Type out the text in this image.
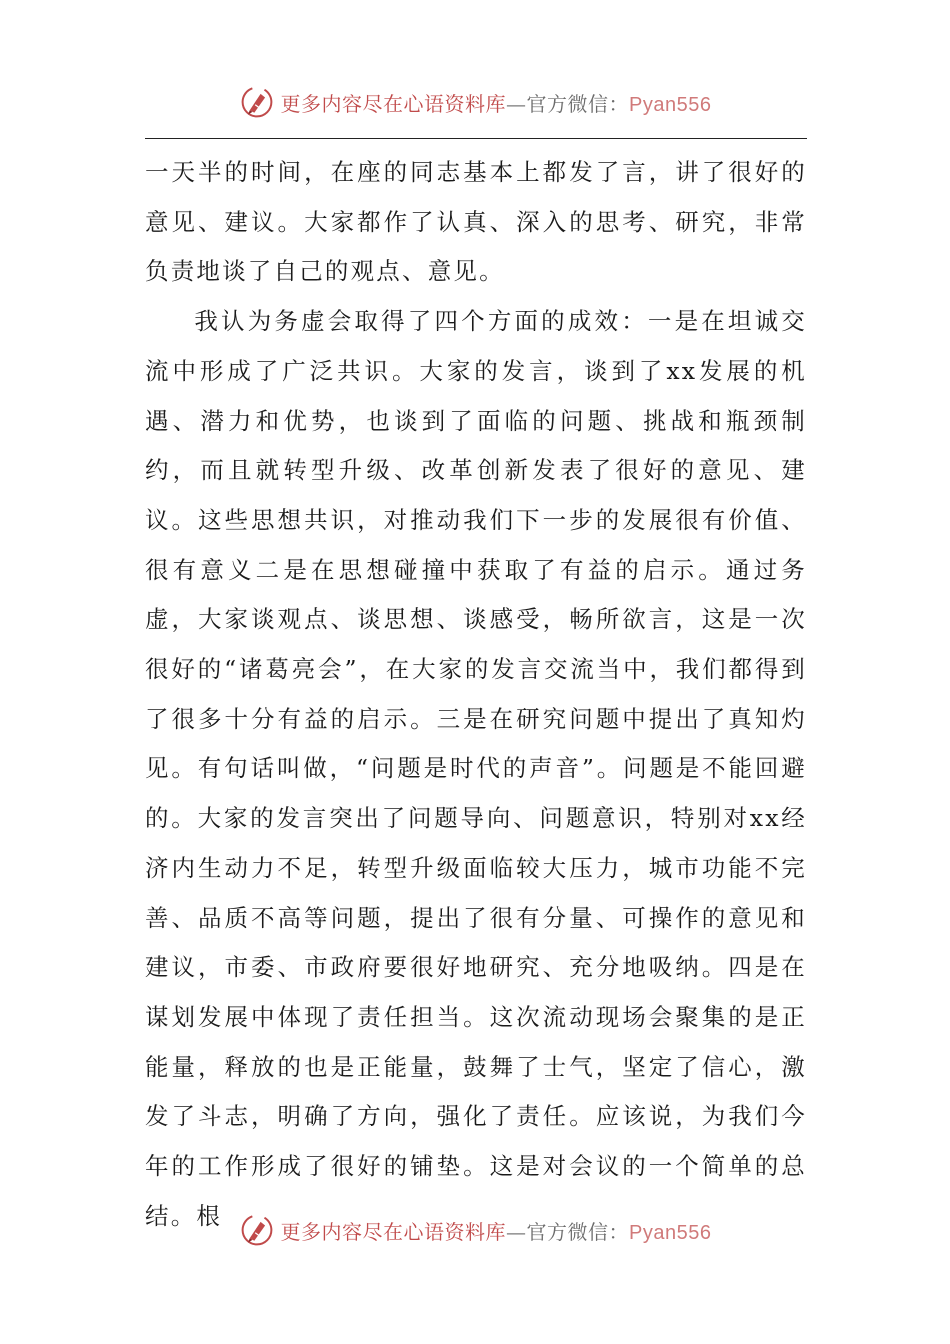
更多内容尽在心语资料库—官方微信：Pyan556

一天半的时间，在座的同志基本上都发了言，讲了很好的意见、建议。大家都作了认真、深入的思考、研究，非常负责地谈了自己的观点、意见。

我认为务虚会取得了四个方面的成效：一是在坦诚交流中形成了广泛共识。大家的发言，谈到了xx发展的机遇、潜力和优势，也谈到了面临的问题、挑战和瓶颈制约，而且就转型升级、改革创新发表了很好的意见、建议。这些思想共识，对推动我们下一步的发展很有价值、很有意义二是在思想碰撞中获取了有益的启示。通过务虚，大家谈观点、谈思想、谈感受，畅所欲言，这是一次很好的“诸葛亮会”，在大家的发言交流当中，我们都得到了很多十分有益的启示。三是在研究问题中提出了真知灼见。有句话叫做，“问题是时代的声音”。问题是不能回避的。大家的发言突出了问题导向、问题意识，特别对xx经济内生动力不足，转型升级面临较大压力，城市功能不完善、品质不高等问题，提出了很有分量、可操作的意见和建议，市委、市政府要很好地研究、充分地吸纳。四是在谋划发展中体现了责任担当。这次流动现场会聚集的是正能量，释放的也是正能量，鼓舞了士气，坚定了信心，激发了斗志，明确了方向，强化了责任。应该说，为我们今年的工作形成了很好的铺垫。这是对会议的一个简单的总结。根

更多内容尽在心语资料库—官方微信：Pyan556
